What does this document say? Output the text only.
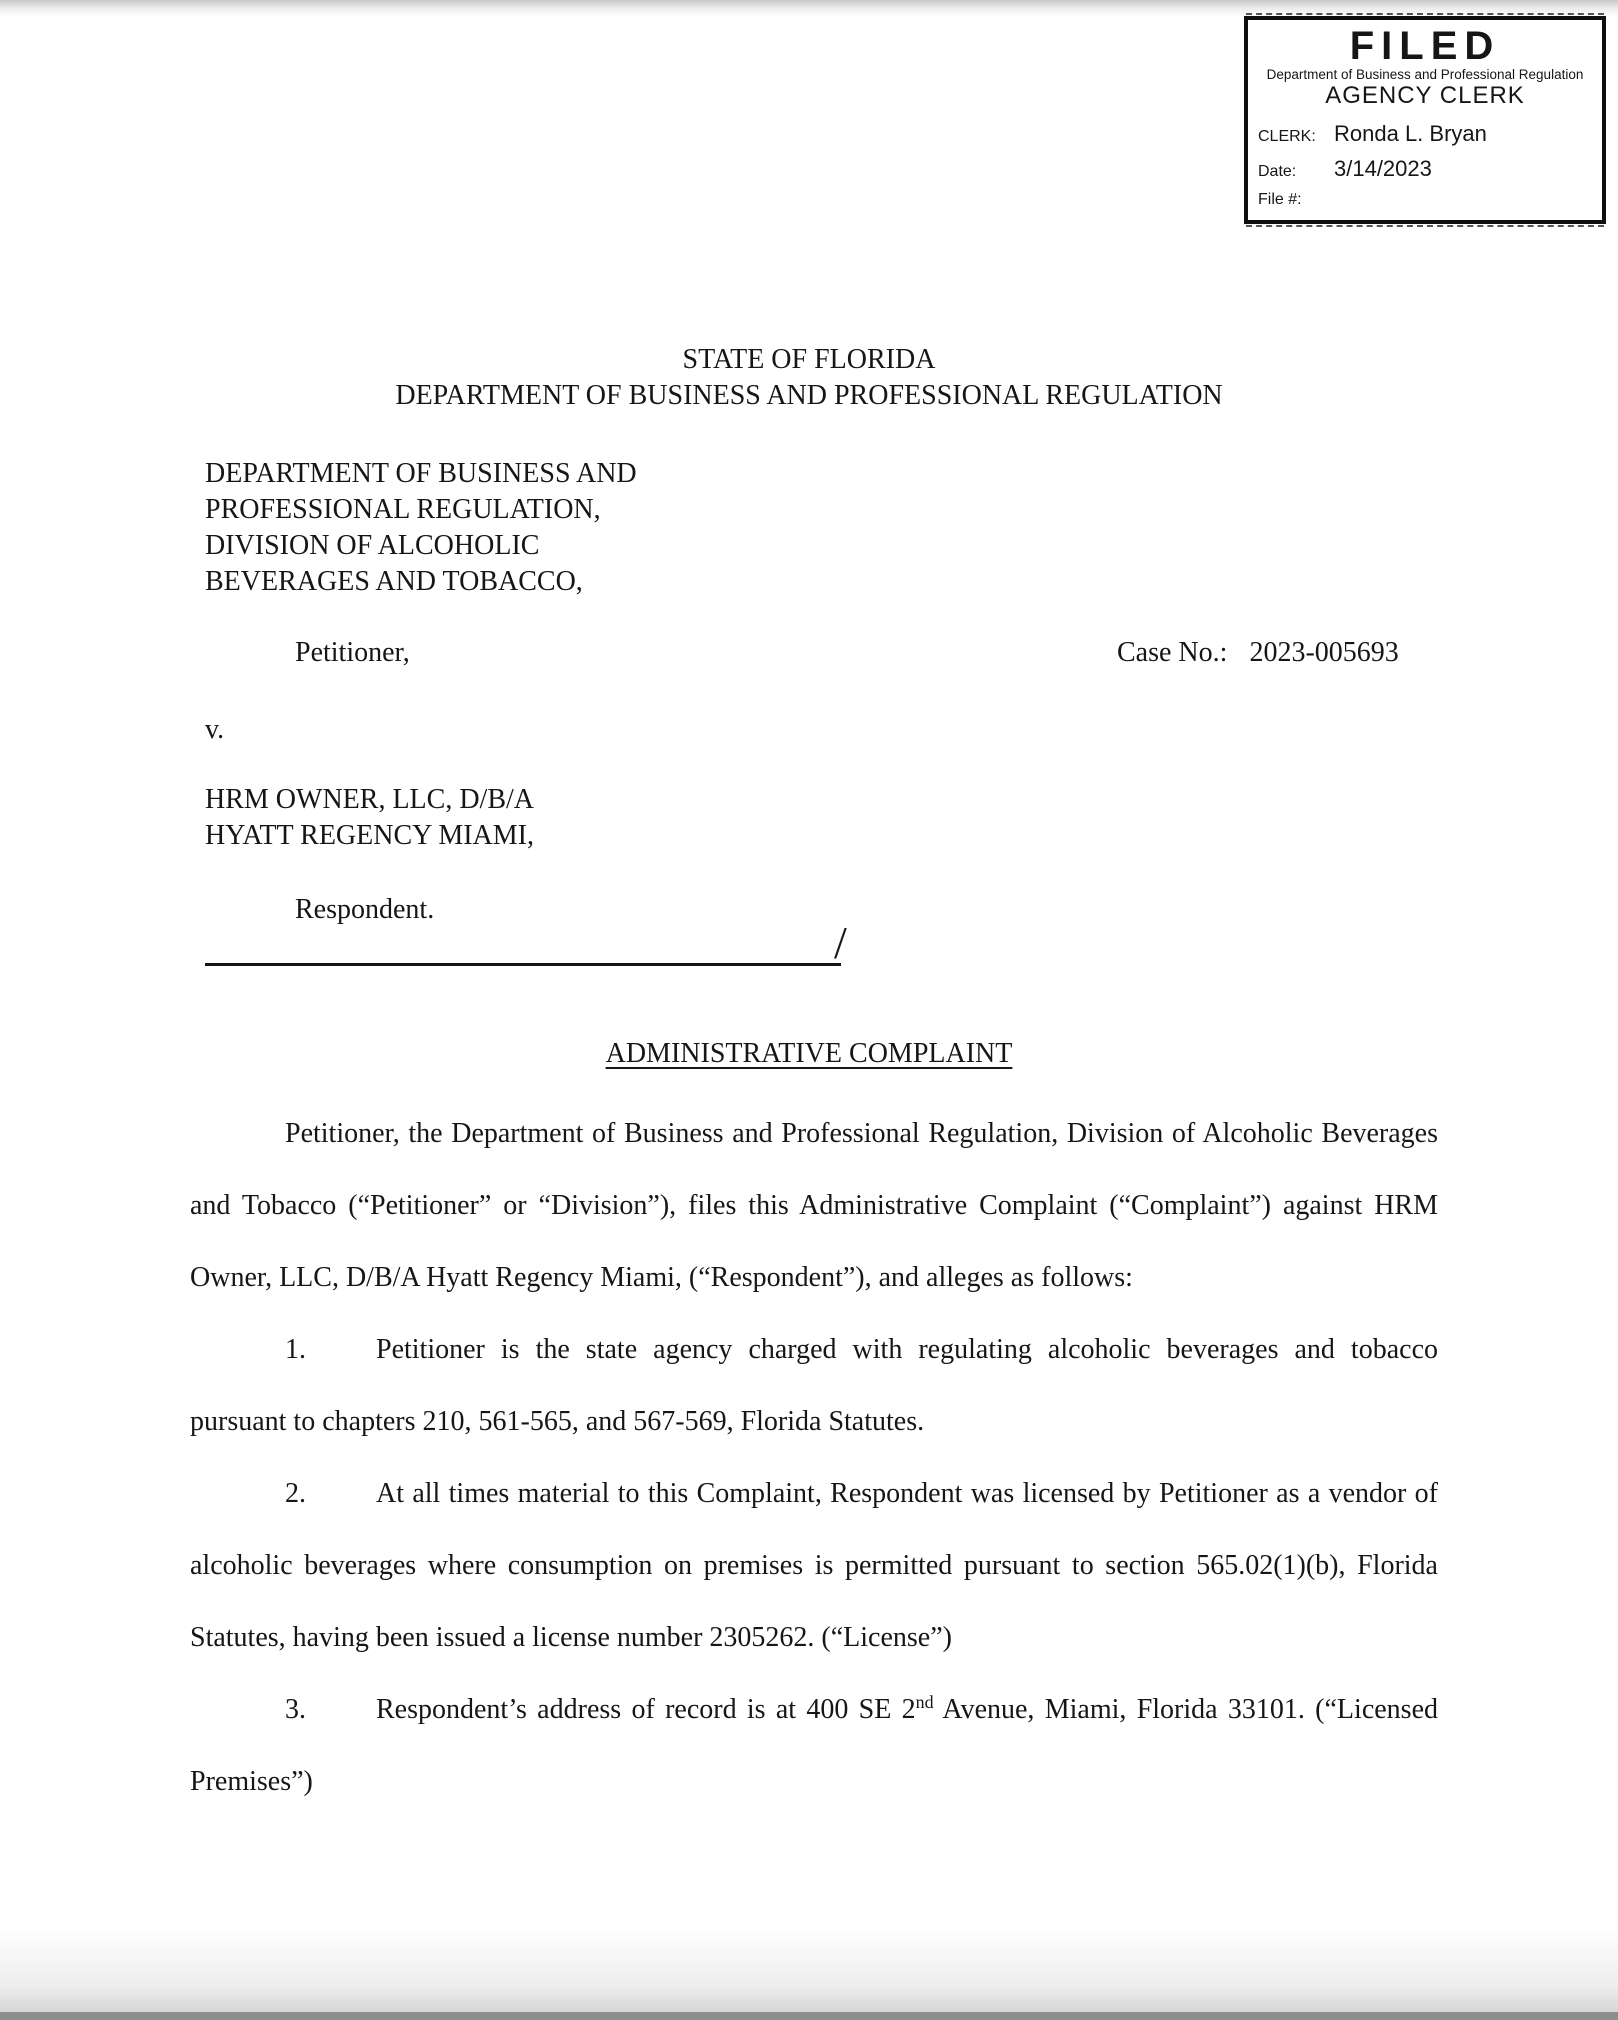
FILED
Department of Business and Professional Regulation
AGENCY CLERK
CLERK: Ronda L. Bryan
Date:	3/14/2023
File #:
STATE OF FLORIDA
DEPARTMENT OF BUSINESS AND PROFESSIONAL REGULATION
DEPARTMENT OF BUSINESS AND
PROFESSIONAL REGULATION,
DIVISION OF ALCOHOLIC
BEVERAGES AND TOBACCO,
Petitioner,	Case No.: 2023-005693
v.
HRM OWNER, LLC, D/B/A
HYATT REGENCY MIAMI,
Respondent.
/
ADMINISTRATIVE COMPLAINT

Petitioner, the Department of Business and Professional Regulation, Division of Alcoholic Beverages and Tobacco (“Petitioner” or “Division”), files this Administrative Complaint (“Complaint”) against HRM Owner, LLC, D/B/A Hyatt Regency Miami, (“Respondent”), and alleges as follows:

1.	Petitioner is the state agency charged with regulating alcoholic beverages and tobacco pursuant to chapters 210, 561-565, and 567-569, Florida Statutes.

2.	At all times material to this Complaint, Respondent was licensed by Petitioner as a vendor of alcoholic beverages where consumption on premises is permitted pursuant to section 565.02(1)(b), Florida Statutes, having been issued a license number 2305262. (“License”)

3.	Respondent’s address of record is at 400 SE 2nd Avenue, Miami, Florida 33101. (“Licensed Premises”)
